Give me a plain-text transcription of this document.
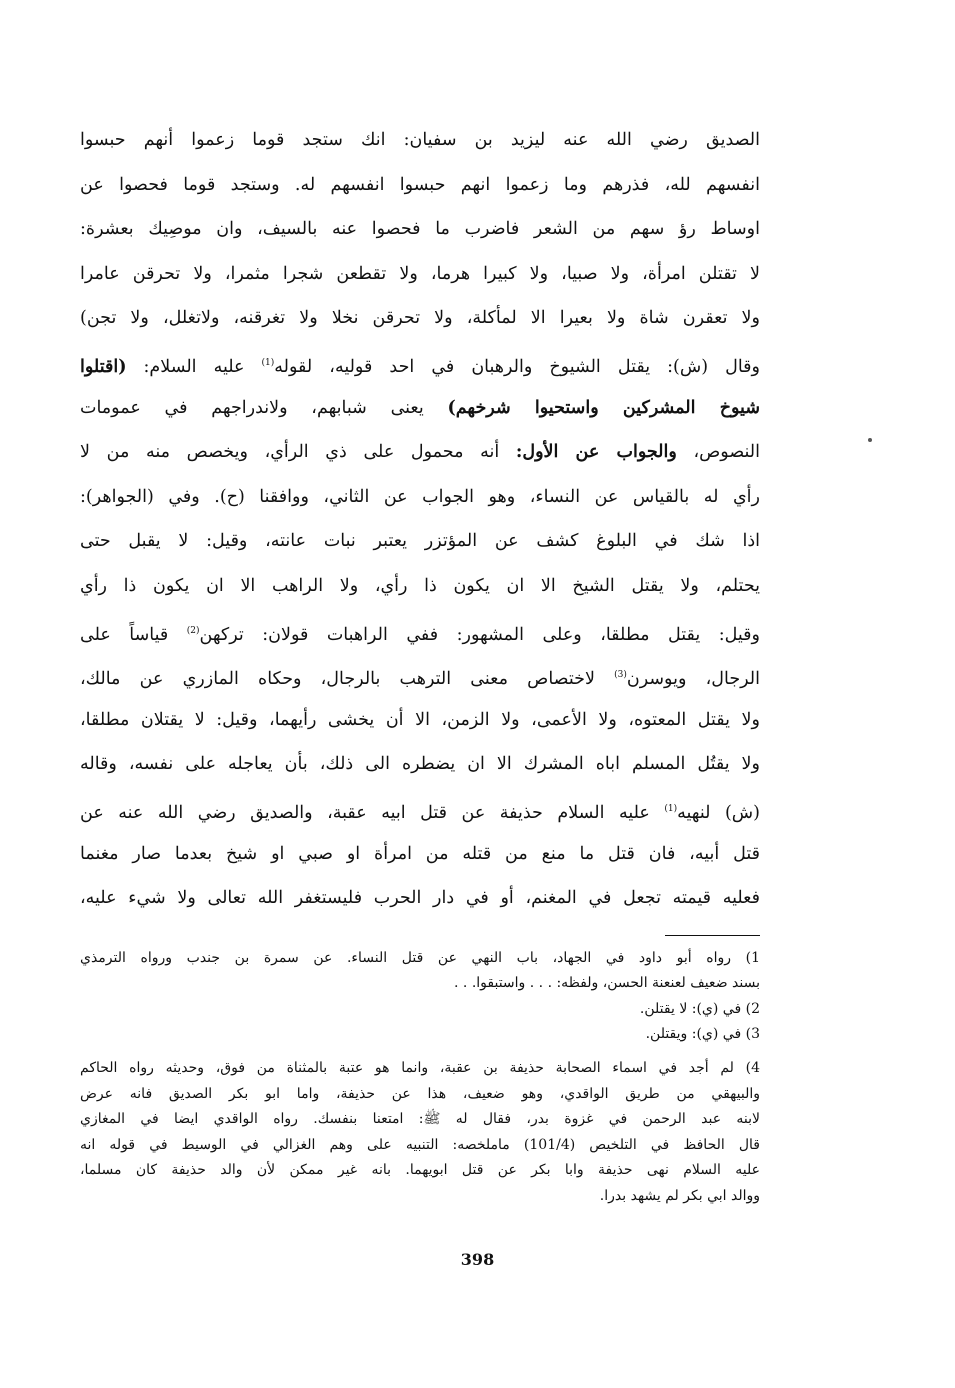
الصديق رضي الله عنه ليزيد بن سفيان: انك ستجد قوما زعموا أنهم حبسوا
انفسهم لله، فذرهم وما زعموا انهم حبسوا انفسهم له. وستجد قوما فحصوا عن
اوساط رؤ سهم من الشعر فاضرب ما فحصوا عنه بالسيف، وان موصِيك بعشرة:
لا تقتلن امرأة، ولا صبيا، ولا كبيرا هرما، ولا تقطعن شجرا مثمرا، ولا تحرقن عامرا
ولا تعقرن شاة ولا بعيرا الا لمأكلة، ولا تحرقن نخلا ولا تغرقنه، ولاتغلل، ولا تجن)
وقال (ش): يقتل الشيوخ والرهبان في احد قوليه، لقوله$^{(1)}$ عليه السلام: (اقتلوا
شيوخ المشركين واستحيوا شرخهم) يعنى شبابهم، ولاندراجهم في عمومات
النصوص، والجواب عن الأول: أنه محمول على ذي الرأي، ويخصص منه من لا
رأي له بالقياس عن النساء، وهو الجواب عن الثاني، ووافقنا (ح). وفي (الجواهر):
اذا شك في البلوغ كشف عن المؤتزر يعتبر نبات عانته، وقيل: لا يقبل حتى
يحتلم، ولا يقتل الشيخ الا ان يكون ذا رأي، ولا الراهب الا ان يكون ذا رأي
وقيل: يقتل مطلقا، وعلى المشهور: ففي الراهبات قولان: تركهن$^{(2)}$ قياساً على
الرجال، ويوسرن$^{(3)}$ لاختصاص معنى الترهب بالرجال، وحكاه المازري عن مالك،
ولا يقتل المعتوه، ولا الأعمى، ولا الزمن، الا أن يخشى رأيهما، وقيل: لا يقتلان مطلقا،
ولا يقتُل المسلم اباه المشرك الا ان يضطره الى ذلك، بأن يعاجله على نفسه، وقاله
(ش) لنهيه$^{(1)}$ عليه السلام حذيفة عن قتل ابيه عقبة، والصديق رضي الله عنه عن
قتل أبيه، فان قتل ما منع من قتله من امرأة او صبي او شيخ بعدما صار مغنما
فعليه قيمته تجعل في المغنم، أو في دار الحرب فليستغفر الله تعالى ولا شيء عليه،
1) رواه أبو داود في الجهاد، باب النهي عن قتل النساء. عن سمرة بن جندب ورواه الترمذي
بسند ضعيف لعنعنة الحسن، ولفظه: . . . واستبقوا. . .
2) في (ي): لا يقتلن.
3) في (ي): ويقتلن.
4) لم أجد في اسماء الصحابة حذيفة بن عقبة، وانما هو عتبة بالمثناة من فوق، وحديثه رواه الحاكم
والبيهقي من طريق الواقدي، وهو ضعيف، هذا عن حذيفة، واما ابو بكر الصديق فانه عرض
لابنه عبد الرحمن في غزوة بدر، فقال له ﷺ: امتعنا بنفسك. رواه الواقدي ايضا في المغازي
قال الحافظ في التلخيص (101/4) ماملخصه: التنبيه على وهم الغزالي في الوسيط في قوله انه
عليه السلام نهى حذيفة وابا بكر عن قتل ابويهما. بانه غير ممكن لأن والد حذيفة كان مسلما،
ووالد ابي بكر لم يشهد بدرا.
398
